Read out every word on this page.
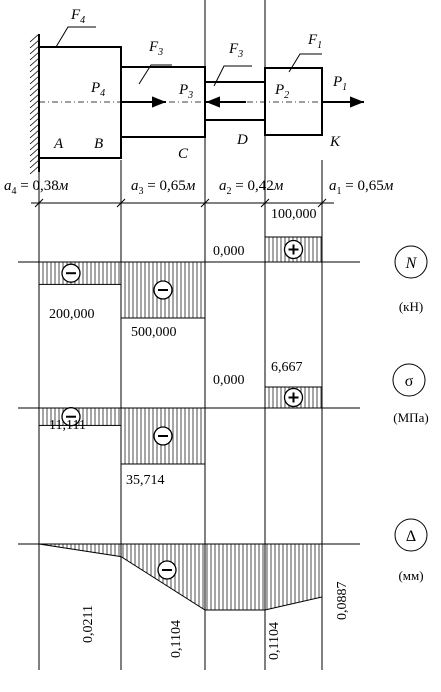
$F_4$
$F_3$	$F_3$
$F_1$
$P_4$	$P_3$	$P_2$
$P_1$
A B
C
D	K
$a_4 = 0,38м$	$a_3 = 0,65м$ $a_2 = 0,42м$	$a_1 = 0,65м$
100,000
0,000
200,000
500,000
6,667
0,000
11,111
35,714
0,0211	0,1104	0,1104
0,0887
N
(кН)
σ
(МПа)
Δ
(мм)
